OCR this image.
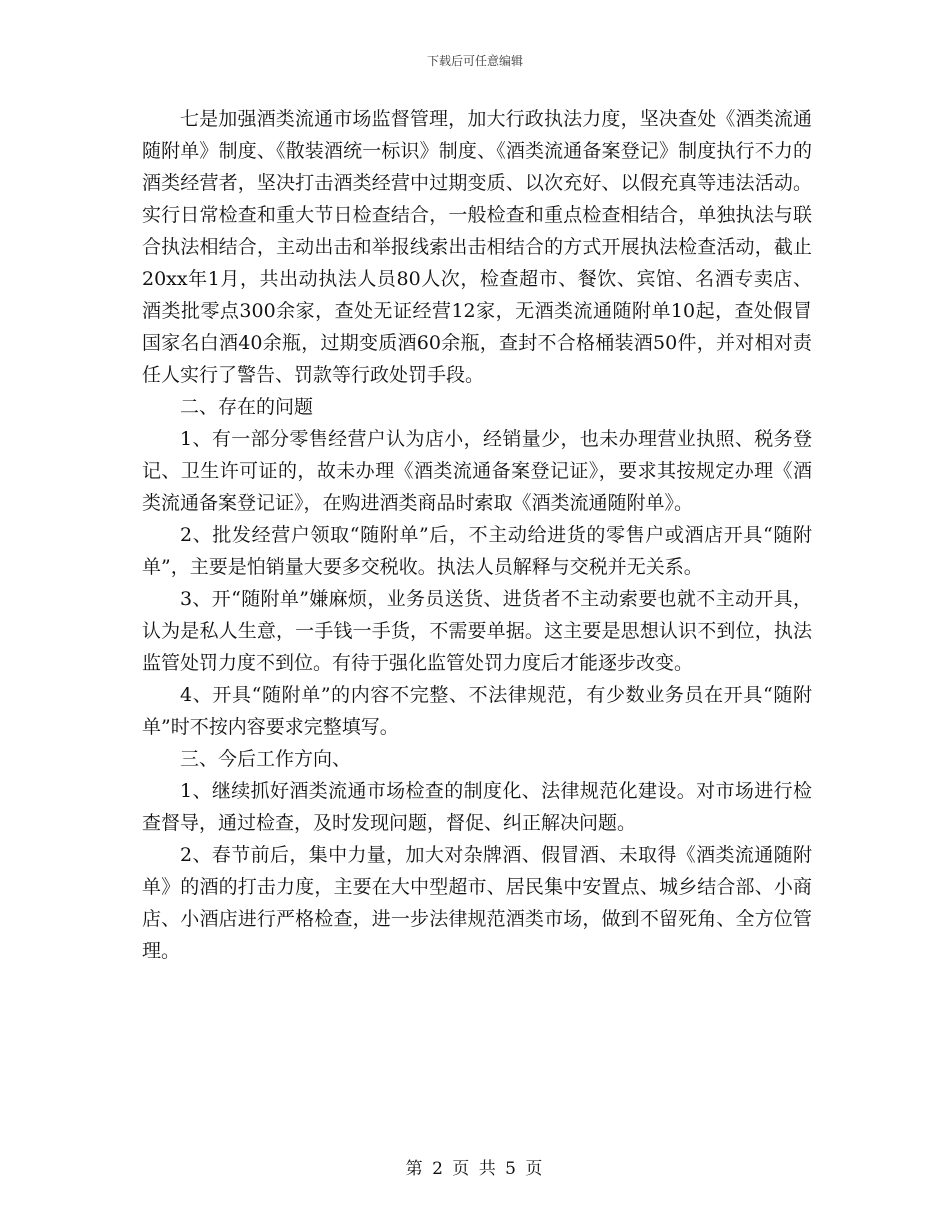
下载后可任意编辑

七是加强酒类流通市场监督管理，加大行政执法力度，坚决查处《酒类流通随附单》制度、《散装酒统一标识》制度、《酒类流通备案登记》制度执行不力的酒类经营者，坚决打击酒类经营中过期变质、以次充好、以假充真等违法活动。实行日常检查和重大节日检查结合，一般检查和重点检查相结合，单独执法与联合执法相结合，主动出击和举报线索出击相结合的方式开展执法检查活动，截止20xx年1月，共出动执法人员80人次，检查超市、餐饮、宾馆、名酒专卖店、酒类批零点300余家，查处无证经营12家，无酒类流通随附单10起，查处假冒国家名白酒40余瓶，过期变质酒60余瓶，查封不合格桶装酒50件，并对相对责任人实行了警告、罚款等行政处罚手段。

二、存在的问题

1、有一部分零售经营户认为店小，经销量少，也未办理营业执照、税务登记、卫生许可证的，故未办理《酒类流通备案登记证》，要求其按规定办理《酒类流通备案登记证》，在购进酒类商品时索取《酒类流通随附单》。

2、批发经营户领取“随附单”后，不主动给进货的零售户或酒店开具“随附单”，主要是怕销量大要多交税收。执法人员解释与交税并无关系。

3、开“随附单”嫌麻烦，业务员送货、进货者不主动索要也就不主动开具，认为是私人生意，一手钱一手货，不需要单据。这主要是思想认识不到位，执法监管处罚力度不到位。有待于强化监管处罚力度后才能逐步改变。

4、开具“随附单”的内容不完整、不法律规范，有少数业务员在开具“随附单”时不按内容要求完整填写。

三、今后工作方向、

1、继续抓好酒类流通市场检查的制度化、法律规范化建设。对市场进行检查督导，通过检查，及时发现问题，督促、纠正解决问题。

2、春节前后，集中力量，加大对杂牌酒、假冒酒、未取得《酒类流通随附单》的酒的打击力度，主要在大中型超市、居民集中安置点、城乡结合部、小商店、小酒店进行严格检查，进一步法律规范酒类市场，做到不留死角、全方位管理。

第 2 页 共 5 页
